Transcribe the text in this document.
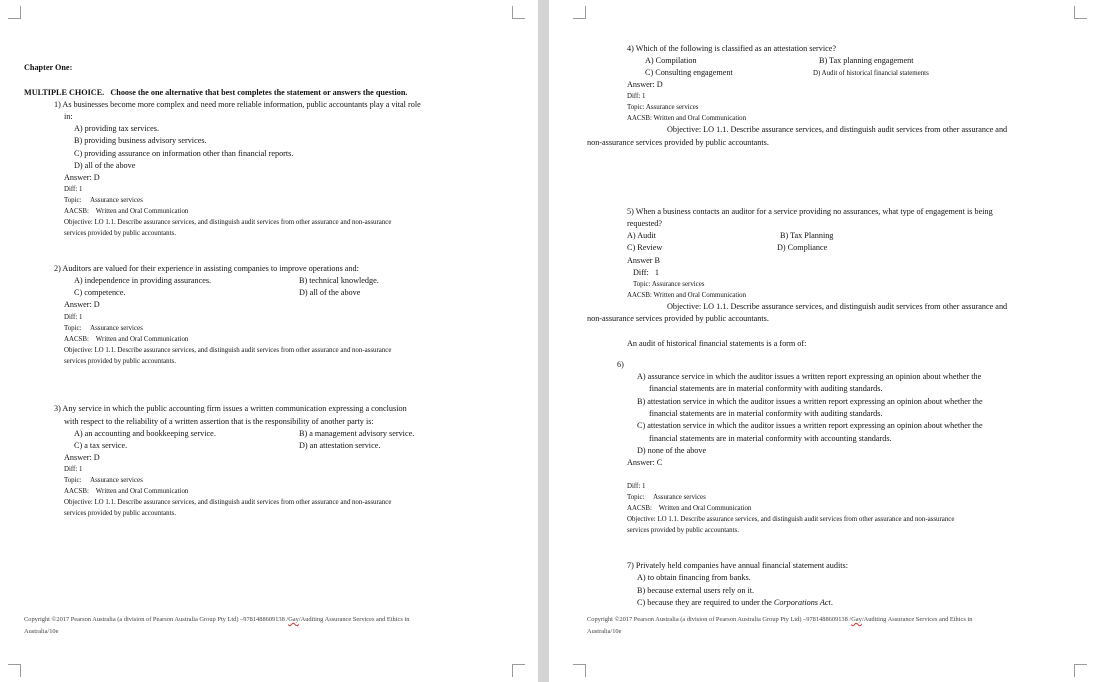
Chapter One:
MULTIPLE CHOICE. Choose the one alternative that best completes the statement or answers the question.
1) As businesses become more complex and need more reliable information, public accountants play a vital role
in:
A) providing tax services.
B) providing business advisory services.
C) providing assurance on information other than financial reports.
D) all of the above
Answer: D
Diff: 1
Topic: Assurance services
AACSB: Written and Oral Communication
Objective: LO 1.1. Describe assurance services, and distinguish audit services from other assurance and non-assurance
services provided by public accountants.
2) Auditors are valued for their experience in assisting companies to improve operations and:
A) independence in providing assurances.	B) technical knowledge.
C) competence.	D) all of the above
Answer: D
Diff: 1
Topic: Assurance services
AACSB: Written and Oral Communication
Objective: LO 1.1. Describe assurance services, and distinguish audit services from other assurance and non-assurance
services provided by public accountants.
3) Any service in which the public accounting firm issues a written communication expressing a conclusion
with respect to the reliability of a written assertion that is the responsibility of another party is:
A) an accounting and bookkeeping service.	B) a management advisory service.
C) a tax service.	D) an attestation service.
Answer: D
Diff: 1
Topic: Assurance services
AACSB: Written and Oral Communication
Objective: LO 1.1. Describe assurance services, and distinguish audit services from other assurance and non-assurance
services provided by public accountants.
Copyright ©2017 Pearson Australia (a division of Pearson Australia Group Pty Ltd) –9781488609138 /Gay/Auditing Assurance Services and Ethics in
Australia/10e
4) Which of the following is classified as an attestation service?
A) Compilation	B) Tax planning engagement
C) Consulting engagement	D) Audit of historical financial statements
Answer: D
Diff: 1
Topic: Assurance services
AACSB: Written and Oral Communication
Objective: LO 1.1. Describe assurance services, and distinguish audit services from other assurance and
non-assurance services provided by public accountants.
5) When a business contacts an auditor for a service providing no assurances, what type of engagement is being
requested?
A) Audit	B) Tax Planning
C) Review	D) Compliance
Answer B
Diff: 1
Topic: Assurance services
AACSB: Written and Oral Communication
Objective: LO 1.1. Describe assurance services, and distinguish audit services from other assurance and
non-assurance services provided by public accountants.
An audit of historical financial statements is a form of:
6)
A) assurance service in which the auditor issues a written report expressing an opinion about whether the
financial statements are in material conformity with auditing standards.
B) attestation service in which the auditor issues a written report expressing an opinion about whether the
financial statements are in material conformity with auditing standards.
C) attestation service in which the auditor issues a written report expressing an opinion about whether the
financial statements are in material conformity with accounting standards.
D) none of the above
Answer: C
Diff: 1
Topic: Assurance services
AACSB: Written and Oral Communication
Objective: LO 1.1. Describe assurance services, and distinguish audit services from other assurance and non-assurance
services provided by public accountants.
7) Privately held companies have annual financial statement audits:
A) to obtain financing from banks.
B) because external users rely on it.
C) because they are required to under the Corporations Act.
Copyright ©2017 Pearson Australia (a division of Pearson Australia Group Pty Ltd) –9781488609138 /Gay/Auditing Assurance Services and Ethics in
Australia/10e
